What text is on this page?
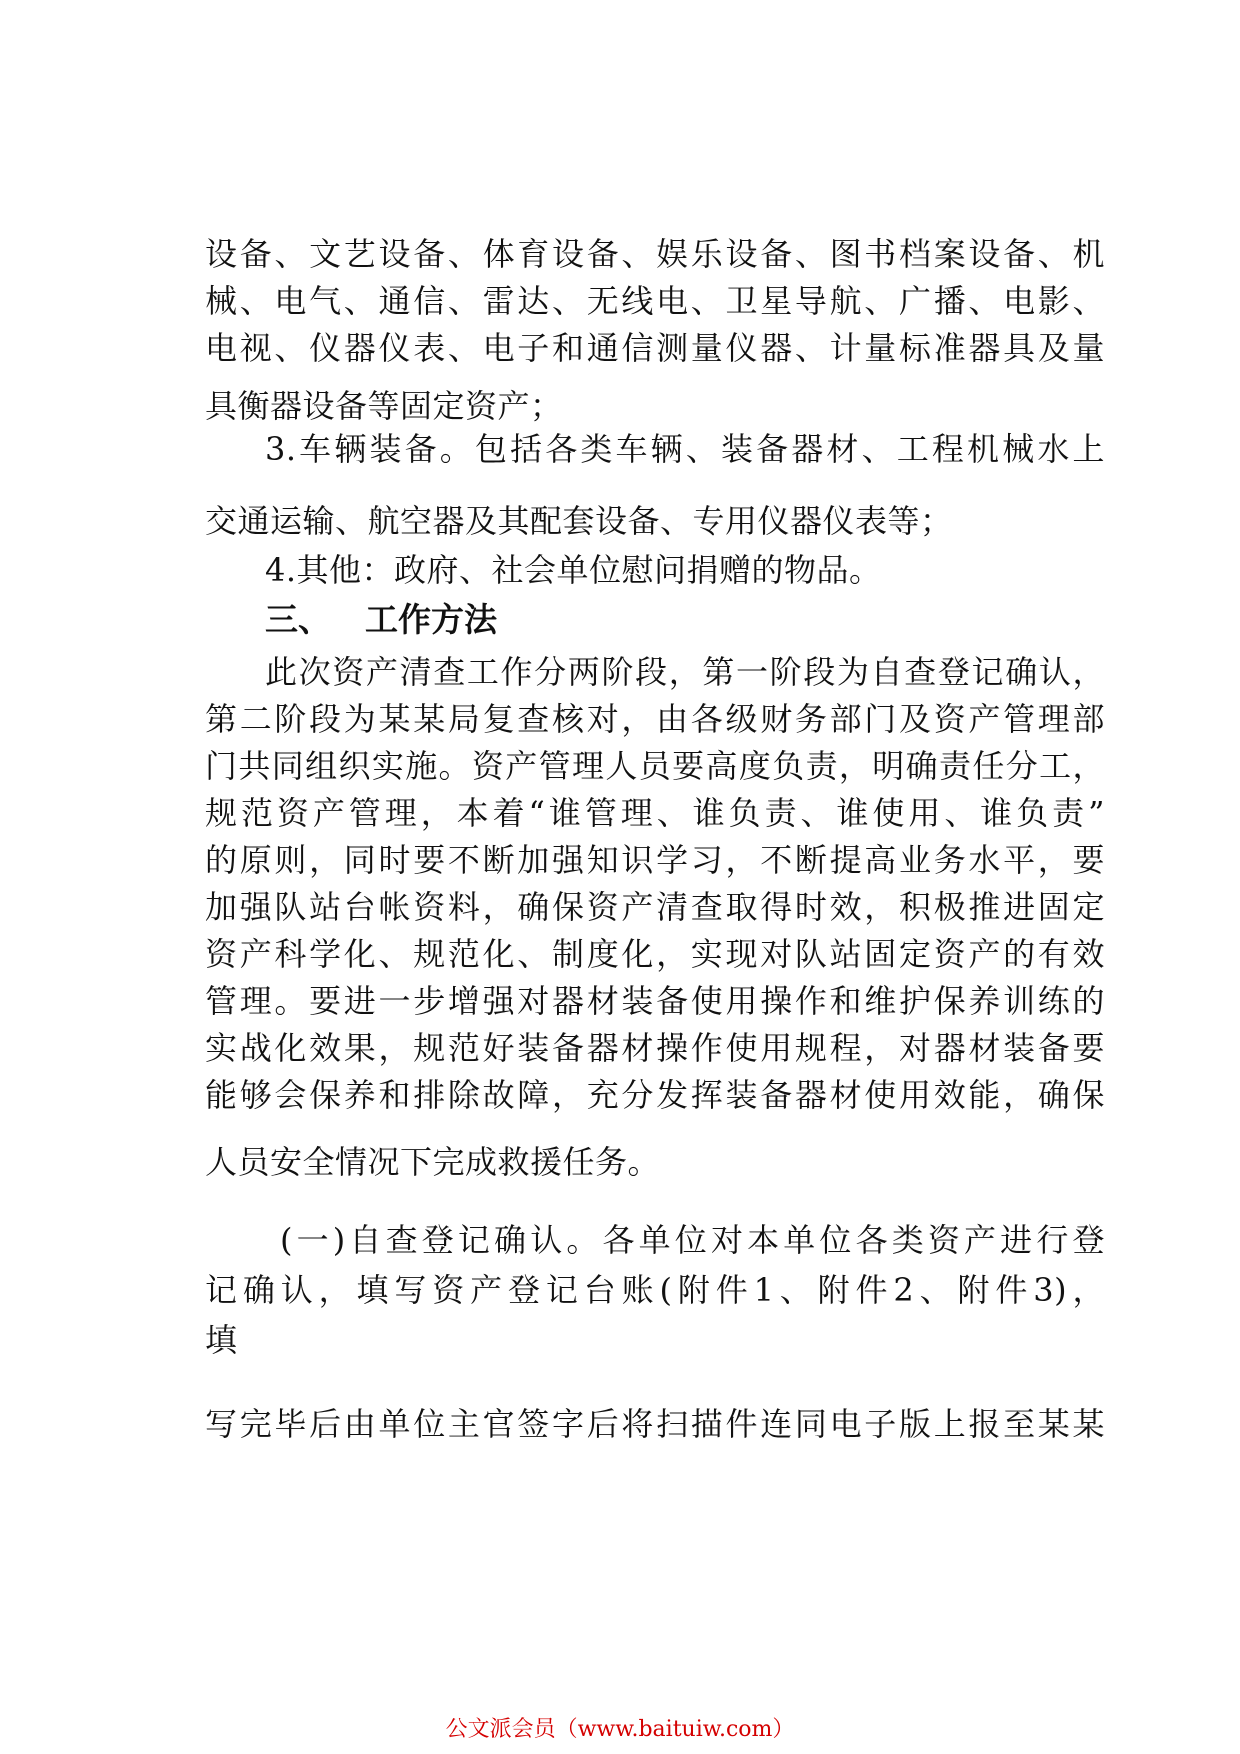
设备、文艺设备、体育设备、娱乐设备、图书档案设备、机
械、电气、通信、雷达、无线电、卫星导航、广播、电影、
电视、仪器仪表、电子和通信测量仪器、计量标准器具及量
具衡器设备等固定资产；
3.车辆装备。包括各类车辆、装备器材、工程机械水上
交通运输、航空器及其配套设备、专用仪器仪表等；
4.其他：政府、社会单位慰问捐赠的物品。
三、 工作方法
此次资产清查工作分两阶段，第一阶段为自查登记确认，
第二阶段为某某局复查核对，由各级财务部门及资产管理部
门共同组织实施。资产管理人员要高度负责，明确责任分工，
规范资产管理，本着“谁管理、谁负责、谁使用、谁负责”
的原则，同时要不断加强知识学习，不断提高业务水平，要
加强队站台帐资料，确保资产清查取得时效，积极推进固定
资产科学化、规范化、制度化，实现对队站固定资产的有效
管理。要进一步增强对器材装备使用操作和维护保养训练的
实战化效果，规范好装备器材操作使用规程，对器材装备要
能够会保养和排除故障，充分发挥装备器材使用效能，确保
人员安全情况下完成救援任务。
(一)自查登记确认。各单位对本单位各类资产进行登
记确认，填写资产登记台账(附件1、附件2、附件3)，
填
写完毕后由单位主官签字后将扫描件连同电子版上报至某某
公文派会员（www.baituiw.com）
